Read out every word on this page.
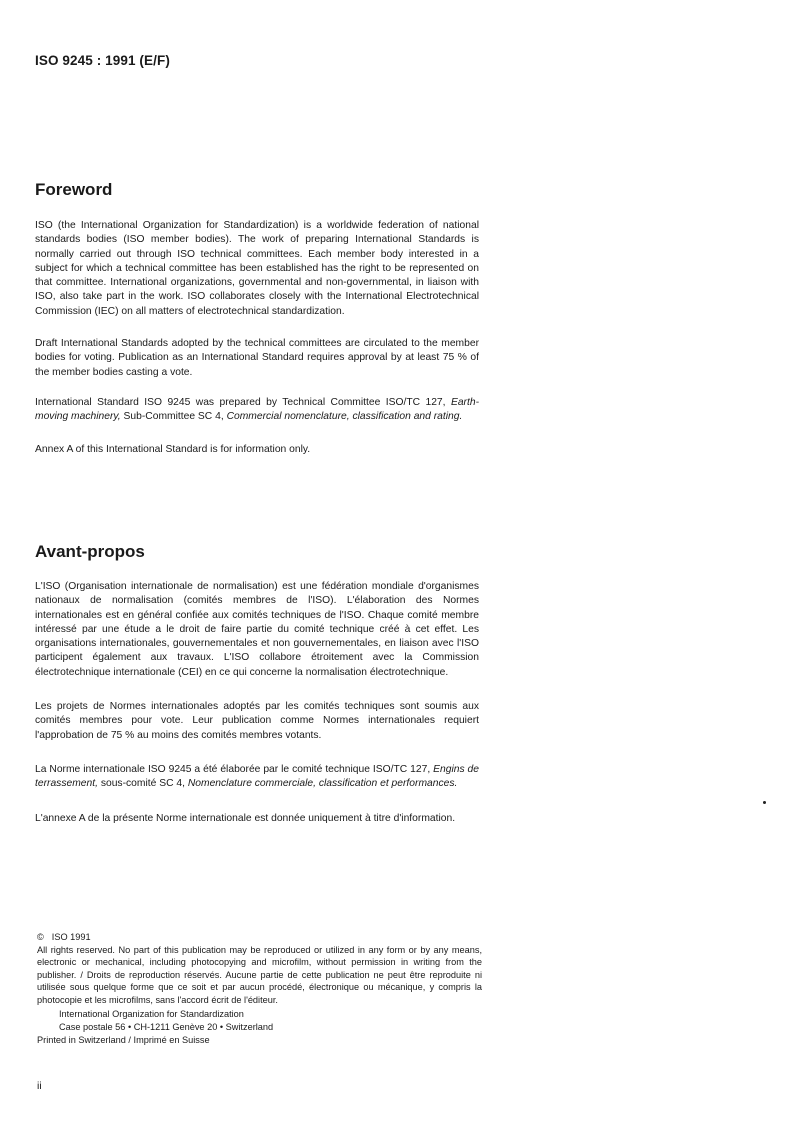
ISO 9245 : 1991 (E/F)
Foreword

ISO (the International Organization for Standardization) is a worldwide federation of national standards bodies (ISO member bodies). The work of preparing International Standards is normally carried out through ISO technical committees. Each member body interested in a subject for which a technical committee has been established has the right to be represented on that committee. International organizations, governmental and non-governmental, in liaison with ISO, also take part in the work. ISO collaborates closely with the International Electrotechnical Commission (IEC) on all matters of electrotechnical standardization.

Draft International Standards adopted by the technical committees are circulated to the member bodies for voting. Publication as an International Standard requires approval by at least 75 % of the member bodies casting a vote.

International Standard ISO 9245 was prepared by Technical Committee ISO/TC 127, Earth-moving machinery, Sub-Committee SC 4, Commercial nomenclature, classification and rating.

Annex A of this International Standard is for information only.

Avant-propos

L'ISO (Organisation internationale de normalisation) est une fédération mondiale d'organismes nationaux de normalisation (comités membres de l'ISO). L'élaboration des Normes internationales est en général confiée aux comités techniques de l'ISO. Chaque comité membre intéressé par une étude a le droit de faire partie du comité technique créé à cet effet. Les organisations internationales, gouvernementales et non gouvernementales, en liaison avec l'ISO participent également aux travaux. L'ISO collabore étroitement avec la Commission électrotechnique internationale (CEI) en ce qui concerne la normalisation électrotechnique.

Les projets de Normes internationales adoptés par les comités techniques sont soumis aux comités membres pour vote. Leur publication comme Normes internationales requiert l'approbation de 75 % au moins des comités membres votants.

La Norme internationale ISO 9245 a été élaborée par le comité technique ISO/TC 127, Engins de terrassement, sous-comité SC 4, Nomenclature commerciale, classification et performances.

L'annexe A de la présente Norme internationale est donnée uniquement à titre d'information.

© ISO 1991

All rights reserved. No part of this publication may be reproduced or utilized in any form or by any means, electronic or mechanical, including photocopying and microfilm, without permission in writing from the publisher. / Droits de reproduction réservés. Aucune partie de cette publication ne peut être reproduite ni utilisée sous quelque forme que ce soit et par aucun procédé, électronique ou mécanique, y compris la photocopie et les microfilms, sans l'accord écrit de l'éditeur.

International Organization for Standardization

Case postale 56 • CH-1211 Genève 20 • Switzerland

Printed in Switzerland / Imprimé en Suisse

ii
